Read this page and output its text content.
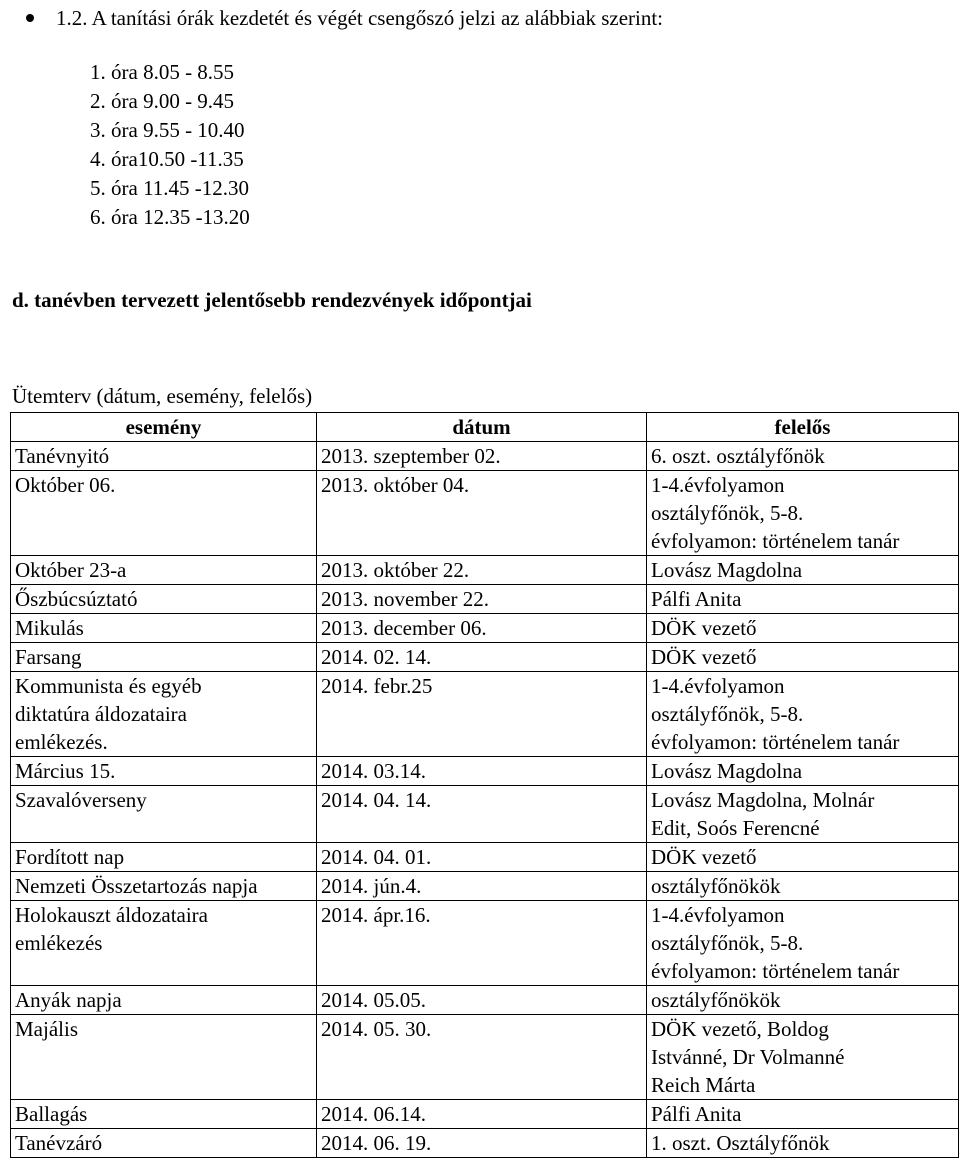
1.2. A tanítási órák kezdetét és végét csengőszó jelzi az alábbiak szerint:
1. óra 8.05 - 8.55
2. óra 9.00 - 9.45
3. óra 9.55 - 10.40
4. óra10.50 -11.35
5. óra 11.45 -12.30
6. óra 12.35 -13.20
d. tanévben tervezett jelentősebb rendezvények időpontjai
Ütemterv (dátum, esemény, felelős)
esemény	dátum	felelős

Tanévnyitó	2013. szeptember 02.	6. oszt. osztályfőnök

Október 06.	2013. október 04.	1-4.évfolyamon
osztályfőnök, 5-8.
évfolyamon: történelem tanár

Október 23-a	2013. október 22.	Lovász Magdolna

Őszbúcsúztató	2013. november 22.	Pálfi Anita

Mikulás	2013. december 06.	DÖK vezető

Farsang	2014. 02. 14.	DÖK vezető

Kommunista és egyéb
diktatúra áldozataira
emlékezés.	2014. febr.25	1-4.évfolyamon
osztályfőnök, 5-8.
évfolyamon: történelem tanár

Március 15.	2014. 03.14.	Lovász Magdolna

Szavalóverseny	2014. 04. 14.	Lovász Magdolna, Molnár
Edit, Soós Ferencné

Fordított nap	2014. 04. 01.	DÖK vezető

Nemzeti Összetartozás napja	2014. jún.4.	osztályfőnökök

Holokauszt áldozataira
emlékezés	2014. ápr.16.	1-4.évfolyamon
osztályfőnök, 5-8.
évfolyamon: történelem tanár

Anyák napja	2014. 05.05.	osztályfőnökök

Majális	2014. 05. 30.	DÖK vezető, Boldog
Istvánné, Dr Volmanné
Reich Márta

Ballagás	2014. 06.14.	Pálfi Anita

Tanévzáró	2014. 06. 19.	1. oszt. Osztályfőnök
